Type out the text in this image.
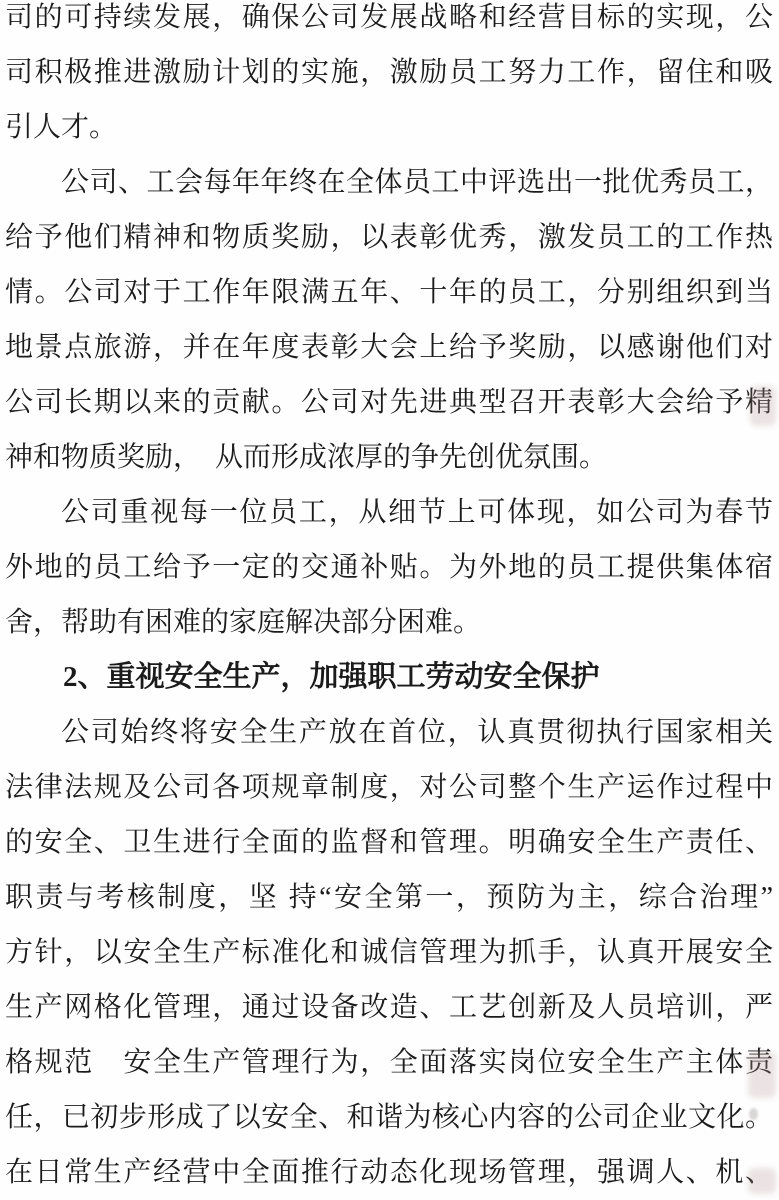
司的可持续发展，确保公司发展战略和经营目标的实现，公
司积极推进激励计划的实施，激励员工努力工作，留住和吸
引人才。
公司、工会每年年终在全体员工中评选出一批优秀员工，
给予他们精神和物质奖励，以表彰优秀，激发员工的工作热
情。公司对于工作年限满五年、十年的员工，分别组织到当
地景点旅游，并在年度表彰大会上给予奖励，以感谢他们对
公司长期以来的贡献。公司对先进典型召开表彰大会给予精
神和物质奖励，　从而形成浓厚的争先创优氛围。
公司重视每一位员工，从细节上可体现，如公司为春节
外地的员工给予一定的交通补贴。为外地的员工提供集体宿
舍，帮助有困难的家庭解决部分困难。
2、重视安全生产，加强职工劳动安全保护
公司始终将安全生产放在首位，认真贯彻执行国家相关
法律法规及公司各项规章制度，对公司整个生产运作过程中
的安全、卫生进行全面的监督和管理。明确安全生产责任、
职责与考核制度，坚 持“安全第一，预防为主，综合治理”
方针，以安全生产标准化和诚信管理为抓手，认真开展安全
生产网格化管理，通过设备改造、工艺创新及人员培训，严
格规范　安全生产管理行为，全面落实岗位安全生产主体责
任，已初步形成了以安全、和谐为核心内容的公司企业文化。
在日常生产经营中全面推行动态化现场管理，强调人、机、
